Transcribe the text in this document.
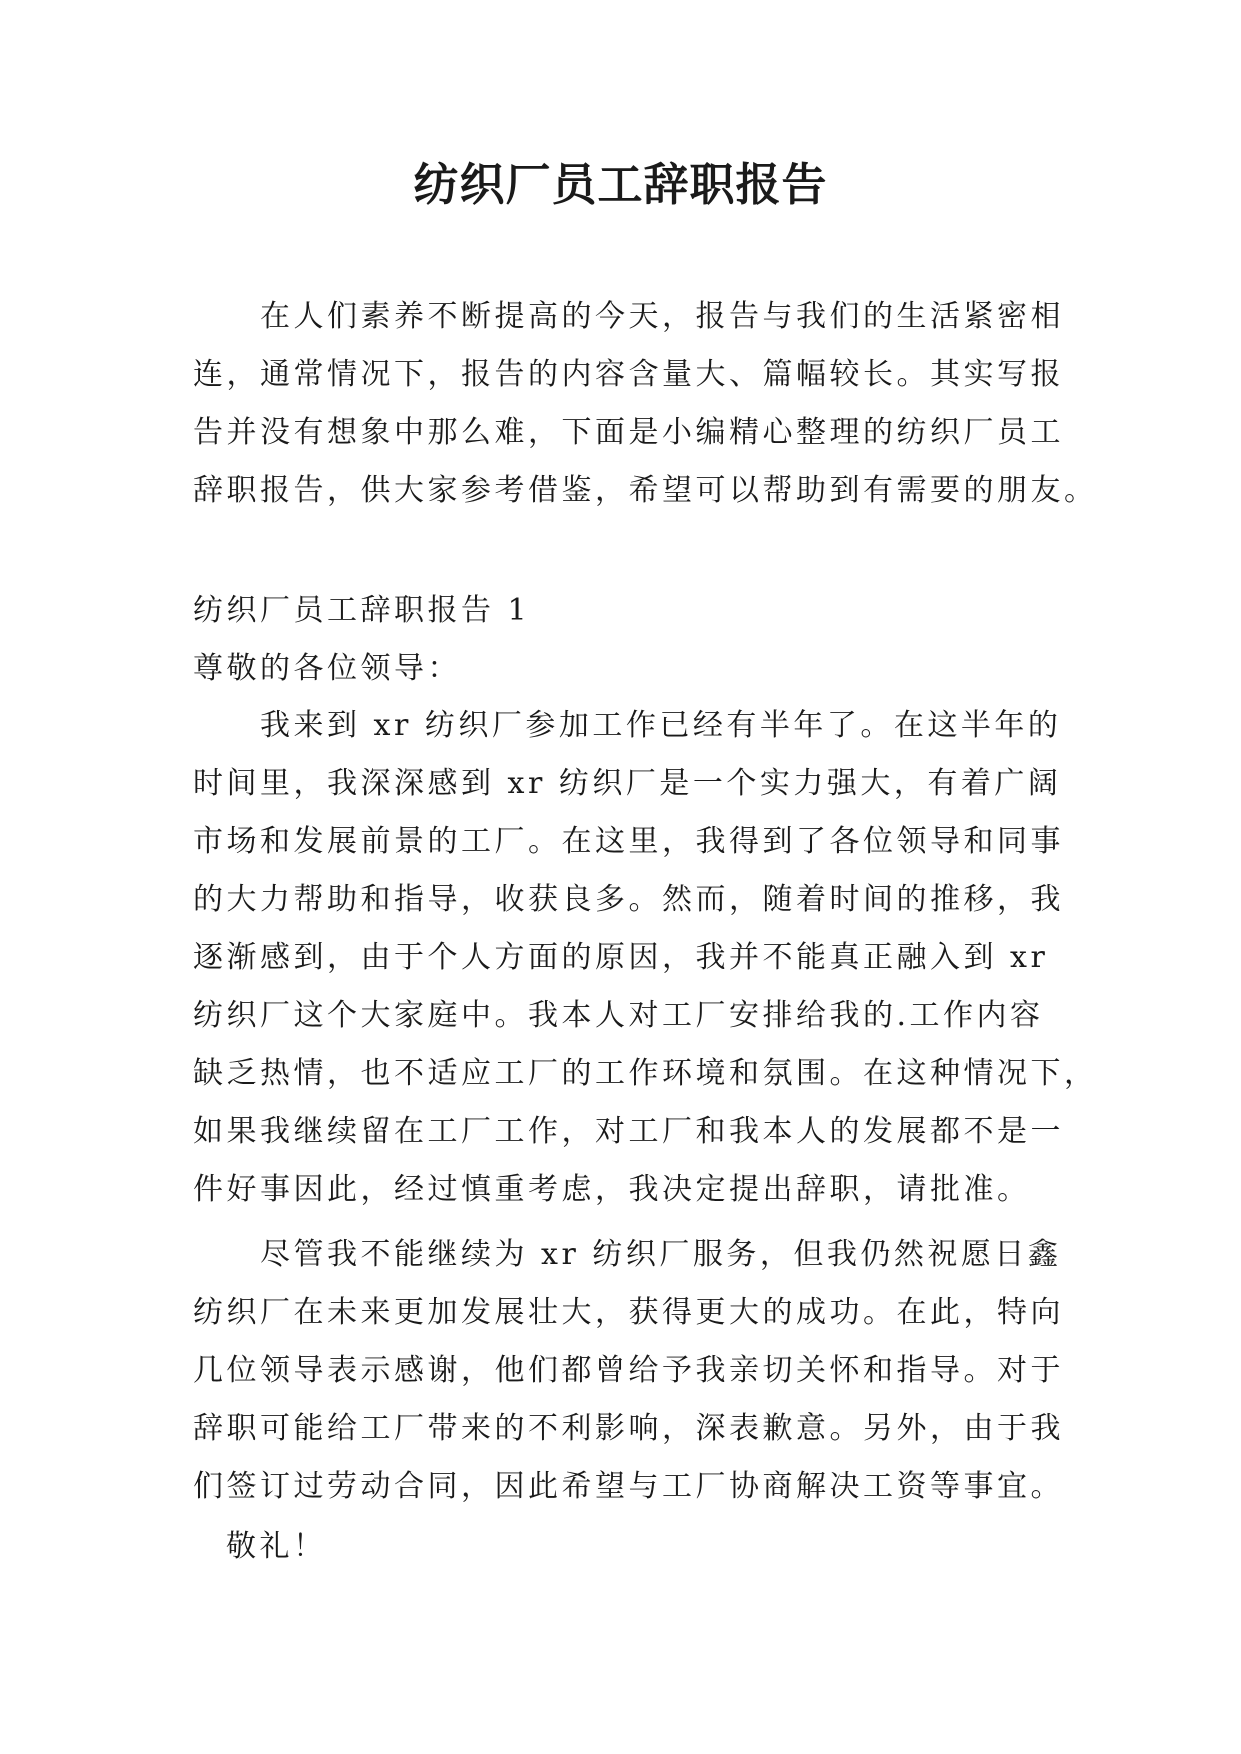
纺织厂员工辞职报告
　　在人们素养不断提高的今天，报告与我们的生活紧密相
连，通常情况下，报告的内容含量大、篇幅较长。其实写报
告并没有想象中那么难，下面是小编精心整理的纺织厂员工
辞职报告，供大家参考借鉴，希望可以帮助到有需要的朋友。
纺织厂员工辞职报告 1
尊敬的各位领导：
　　我来到 xr 纺织厂参加工作已经有半年了。在这半年的
时间里，我深深感到 xr 纺织厂是一个实力强大，有着广阔
市场和发展前景的工厂。在这里，我得到了各位领导和同事
的大力帮助和指导，收获良多。然而，随着时间的推移，我
逐渐感到，由于个人方面的原因，我并不能真正融入到 xr
纺织厂这个大家庭中。我本人对工厂安排给我的.工作内容
缺乏热情，也不适应工厂的工作环境和氛围。在这种情况下，
如果我继续留在工厂工作，对工厂和我本人的发展都不是一
件好事因此，经过慎重考虑，我决定提出辞职，请批准。
　　尽管我不能继续为 xr 纺织厂服务，但我仍然祝愿日鑫
纺织厂在未来更加发展壮大，获得更大的成功。在此，特向
几位领导表示感谢，他们都曾给予我亲切关怀和指导。对于
辞职可能给工厂带来的不利影响，深表歉意。另外，由于我
们签订过劳动合同，因此希望与工厂协商解决工资等事宜。
敬礼！
